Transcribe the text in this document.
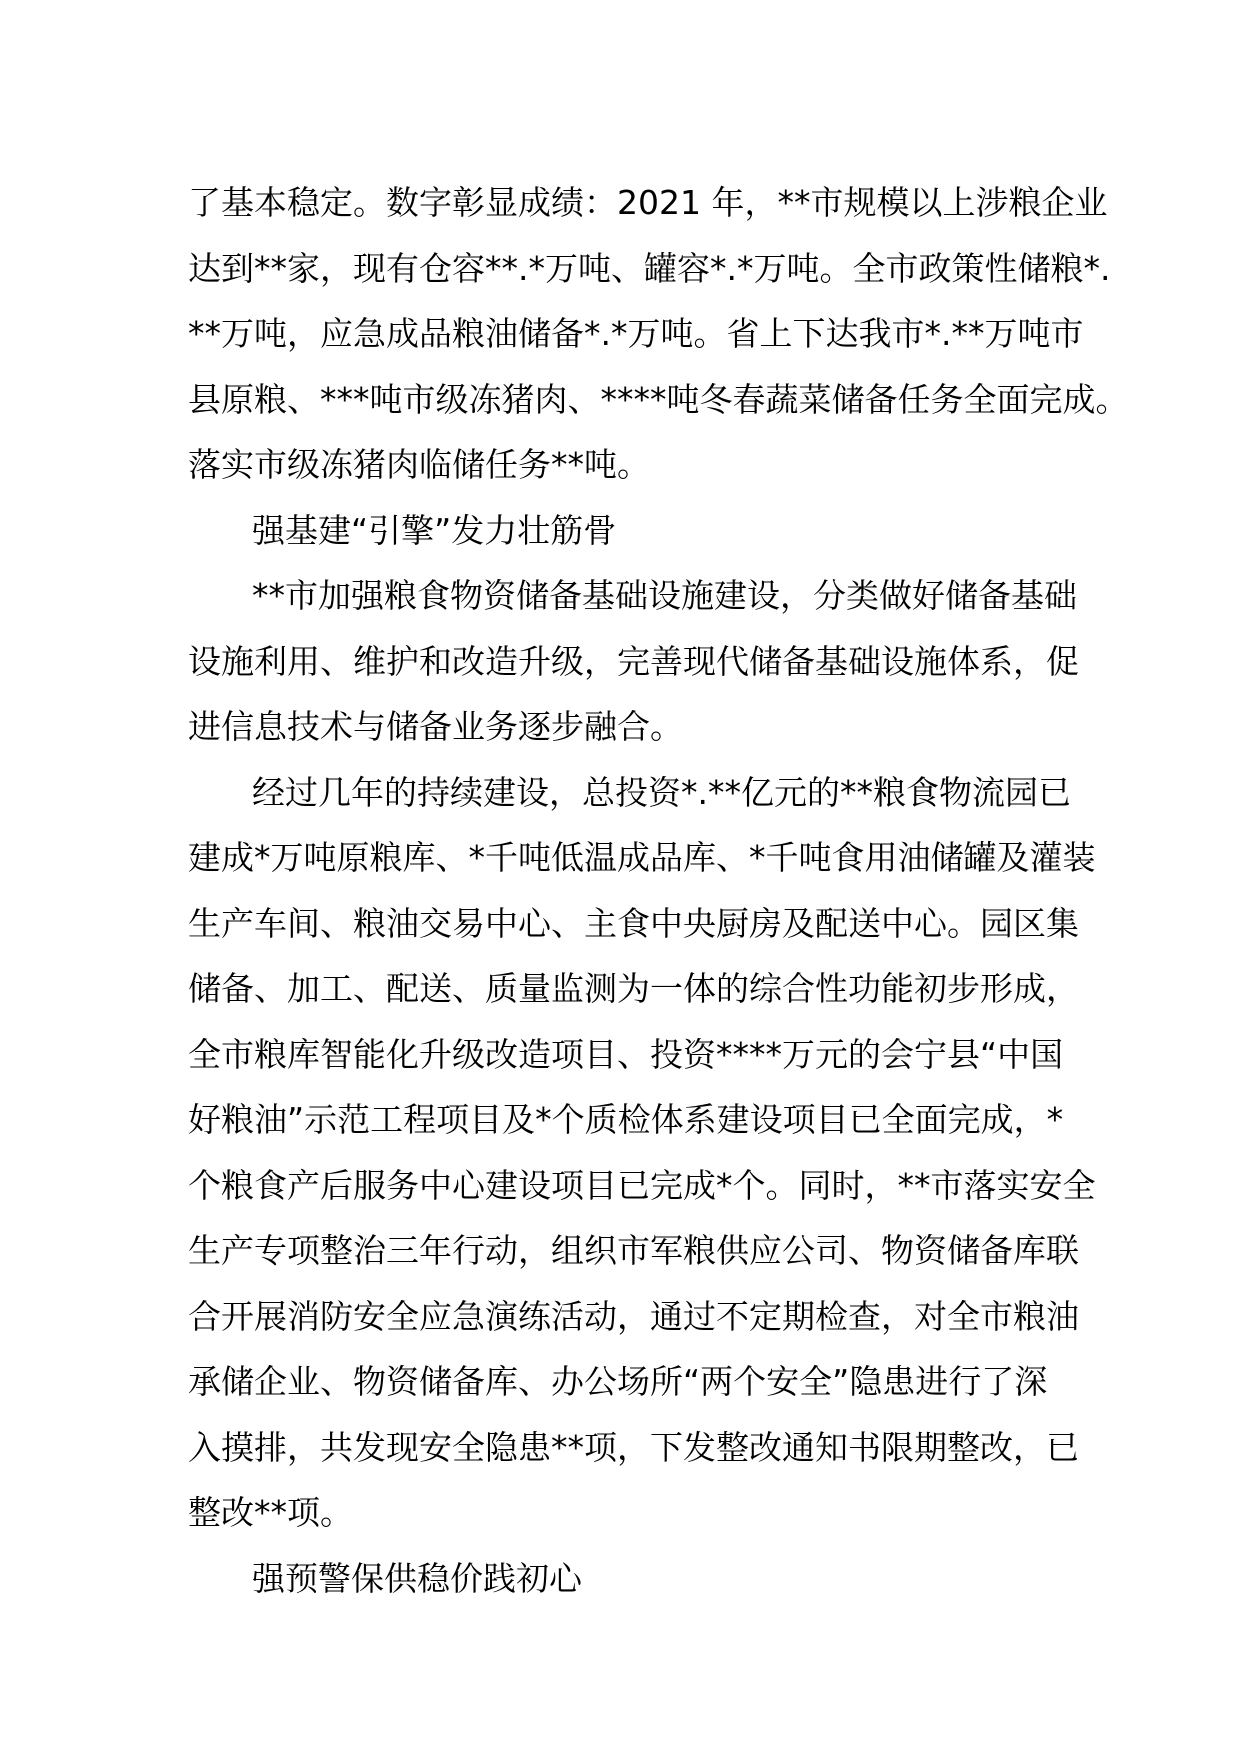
了基本稳定。数字彰显成绩：2021 年，**市规模以上涉粮企业
达到**家，现有仓容**.*万吨、罐容*.*万吨。全市政策性储粮*.
**万吨，应急成品粮油储备*.*万吨。省上下达我市*.**万吨市
县原粮、***吨市级冻猪肉、****吨冬春蔬菜储备任务全面完成。
落实市级冻猪肉临储任务**吨。
强基建“引擎”发力壮筋骨
**市加强粮食物资储备基础设施建设，分类做好储备基础
设施利用、维护和改造升级，完善现代储备基础设施体系，促
进信息技术与储备业务逐步融合。
经过几年的持续建设，总投资*.**亿元的**粮食物流园已
建成*万吨原粮库、*千吨低温成品库、*千吨食用油储罐及灌装
生产车间、粮油交易中心、主食中央厨房及配送中心。园区集
储备、加工、配送、质量监测为一体的综合性功能初步形成，
全市粮库智能化升级改造项目、投资****万元的会宁县“中国
好粮油”示范工程项目及*个质检体系建设项目已全面完成，*
个粮食产后服务中心建设项目已完成*个。同时，**市落实安全
生产专项整治三年行动，组织市军粮供应公司、物资储备库联
合开展消防安全应急演练活动，通过不定期检查，对全市粮油
承储企业、物资储备库、办公场所“两个安全”隐患进行了深
入摸排，共发现安全隐患**项，下发整改通知书限期整改，已
整改**项。
强预警保供稳价践初心
